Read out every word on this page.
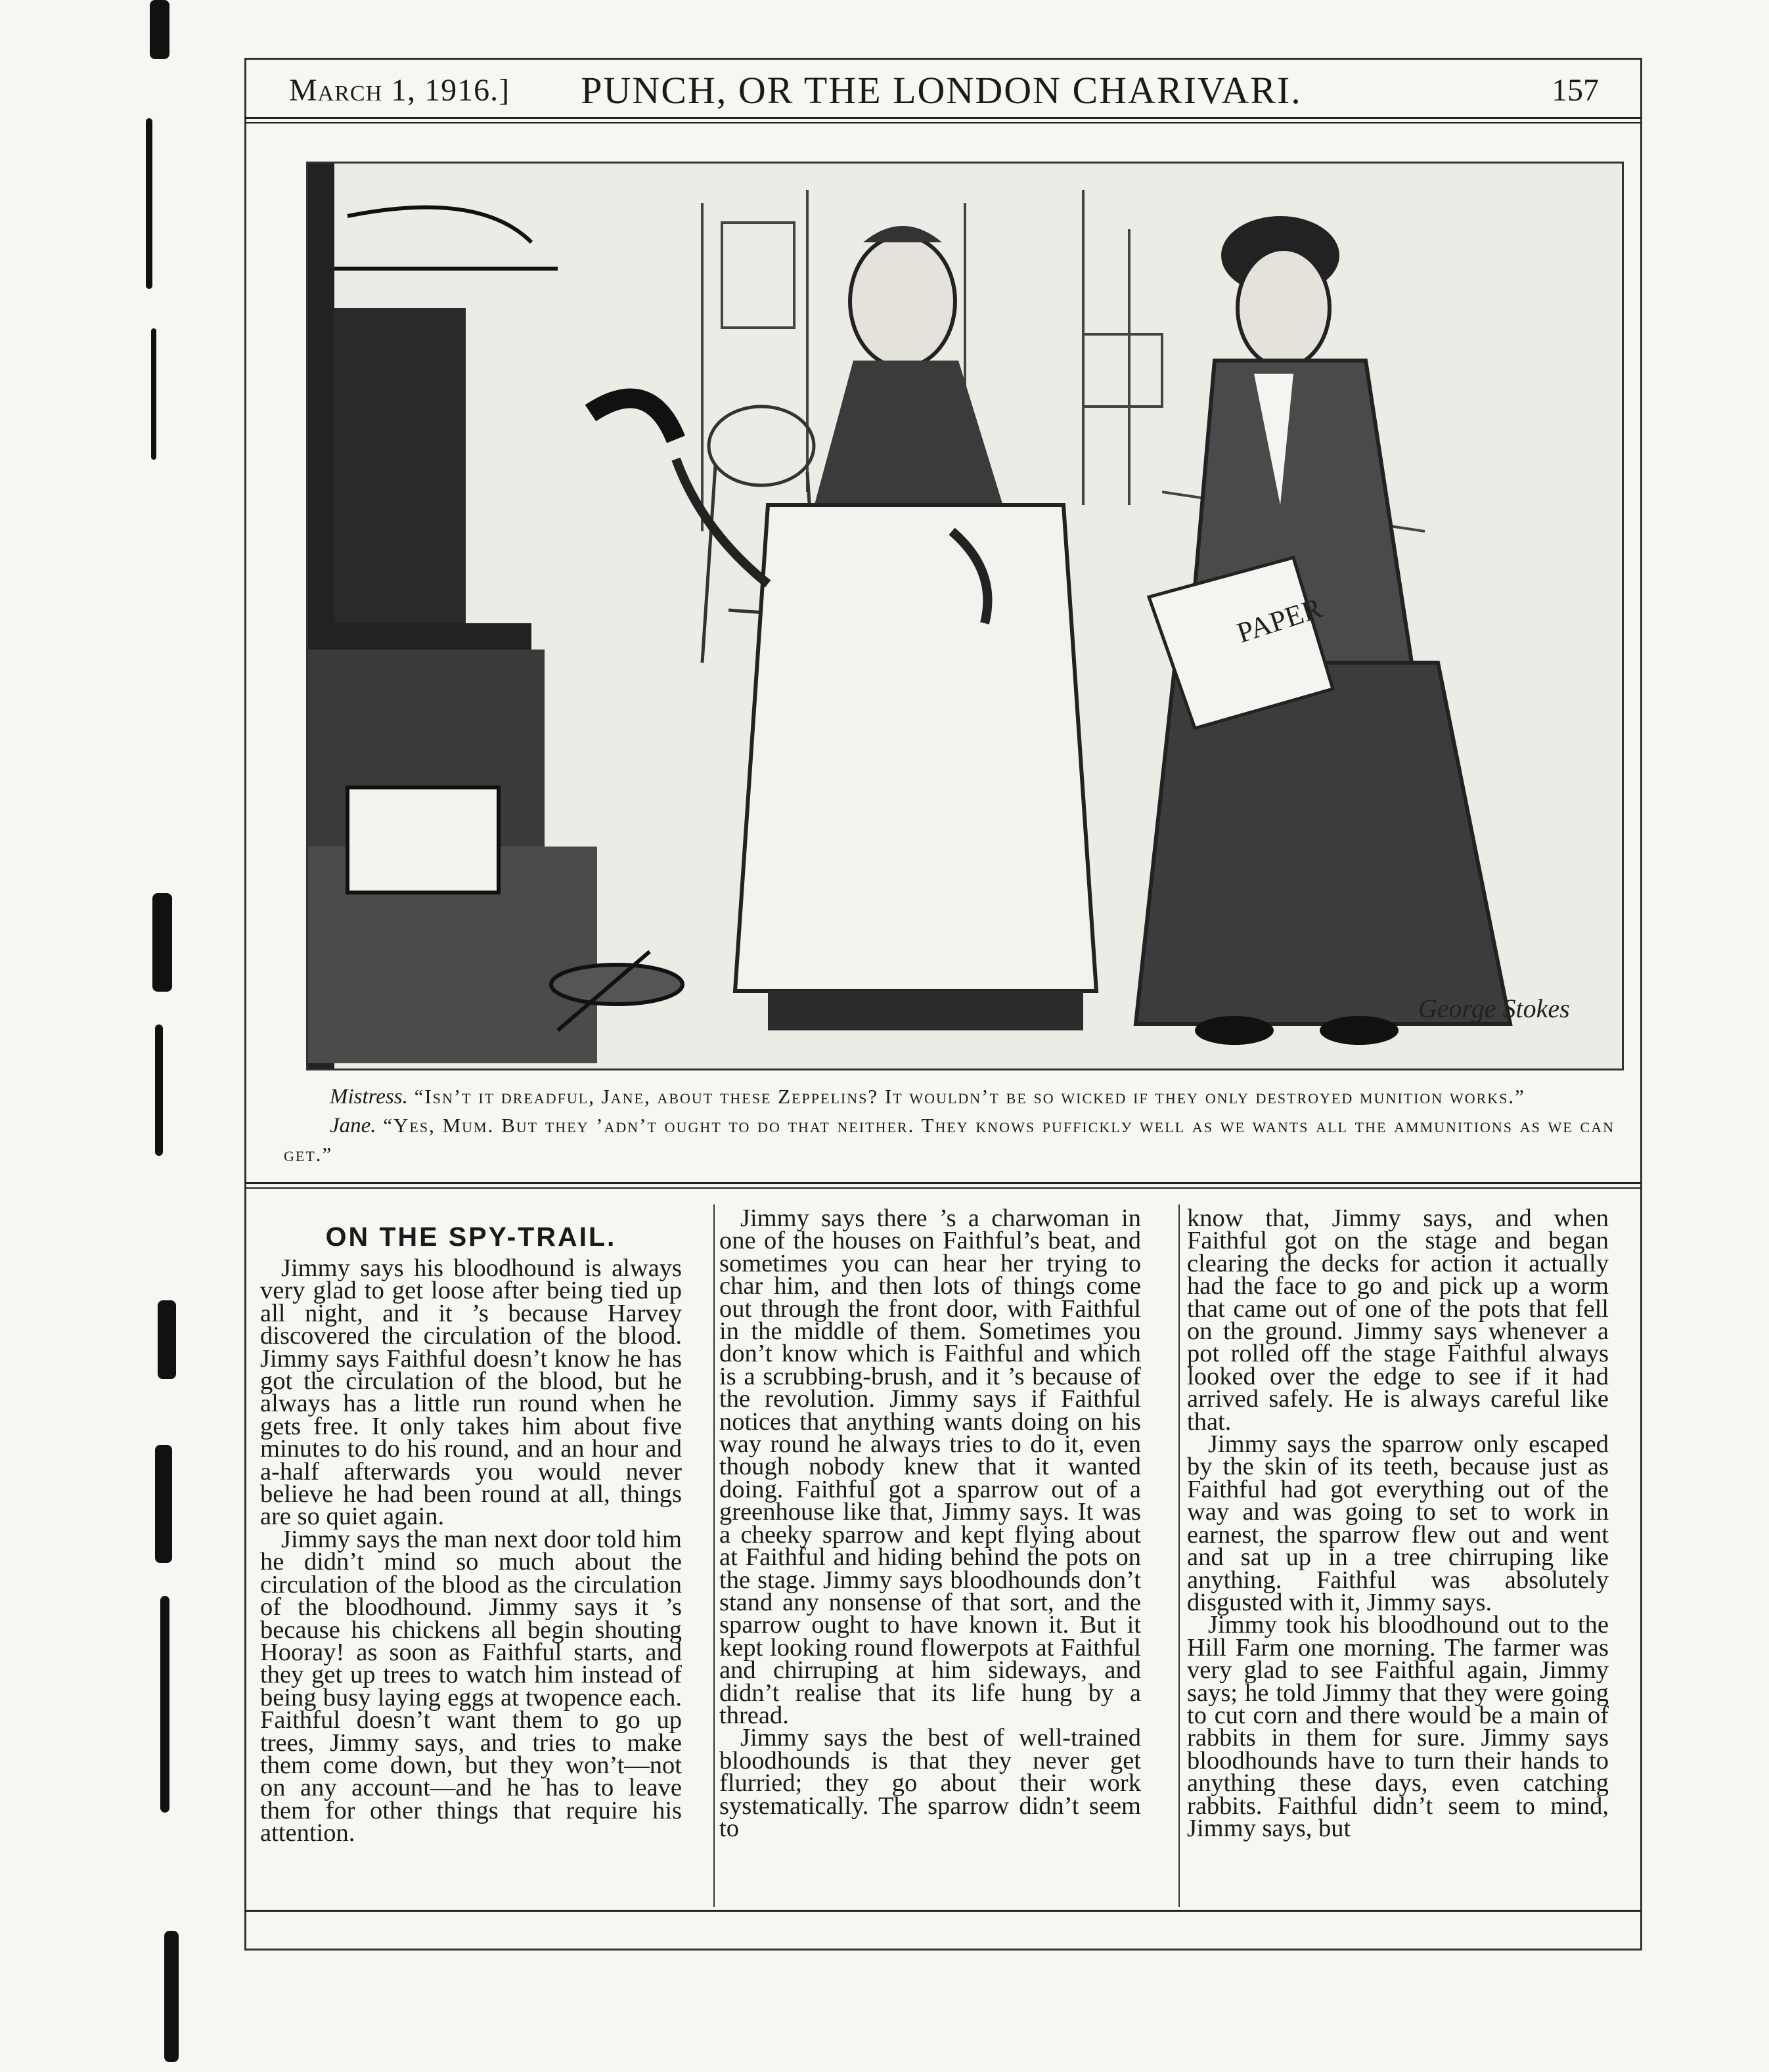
March 1, 1916.]	PUNCH, OR THE LONDON CHARIVARI.	157
PAPER
George Stokes

Mistress. “Isn’t it dreadful, Jane, about these Zeppelins? It wouldn’t be so wicked if they only destroyed munition works.”

Jane. “Yes, Mum. But they ’adn’t ought to do that neither. They knows pufficklу well as we wants all the ammunitions as we can get.”

ON THE SPY-TRAIL.

Jimmy says his bloodhound is always very glad to get loose after being tied up all night, and it ’s because Harvey discovered the circulation of the blood. Jimmy says Faithful doesn’t know he has got the circulation of the blood, but he always has a little run round when he gets free. It only takes him about five minutes to do his round, and an hour and a-half afterwards you would never believe he had been round at all, things are so quiet again.

Jimmy says the man next door told him he didn’t mind so much about the circulation of the blood as the circulation of the bloodhound. Jimmy says it ’s because his chickens all begin shouting Hooray! as soon as Faithful starts, and they get up trees to watch him instead of being busy laying eggs at twopence each. Faithful doesn’t want them to go up trees, Jimmy says, and tries to make them come down, but they won’t—not on any account—and he has to leave them for other things that require his attention.

Jimmy says there ’s a charwoman in one of the houses on Faithful’s beat, and sometimes you can hear her trying to char him, and then lots of things come out through the front door, with Faithful in the middle of them. Sometimes you don’t know which is Faithful and which is a scrubbing-brush, and it ’s because of the revolution. Jimmy says if Faithful notices that anything wants doing on his way round he always tries to do it, even though nobody knew that it wanted doing. Faithful got a sparrow out of a greenhouse like that, Jimmy says. It was a cheeky sparrow and kept flying about at Faithful and hiding behind the pots on the stage. Jimmy says bloodhounds don’t stand any nonsense of that sort, and the sparrow ought to have known it. But it kept looking round flowerpots at Faithful and chirruping at him sideways, and didn’t realise that its life hung by a thread.

Jimmy says the best of well-trained bloodhounds is that they never get flurried; they go about their work systematically. The sparrow didn’t seem to

know that, Jimmy says, and when Faithful got on the stage and began clearing the decks for action it actually had the face to go and pick up a worm that came out of one of the pots that fell on the ground. Jimmy says whenever a pot rolled off the stage Faithful always looked over the edge to see if it had arrived safely. He is always careful like that.

Jimmy says the sparrow only escaped by the skin of its teeth, because just as Faithful had got everything out of the way and was going to set to work in earnest, the sparrow flew out and went and sat up in a tree chirruping like anything. Faithful was absolutely disgusted with it, Jimmy says.

Jimmy took his bloodhound out to the Hill Farm one morning. The farmer was very glad to see Faithful again, Jimmy says; he told Jimmy that they were going to cut corn and there would be a main of rabbits in them for sure. Jimmy says bloodhounds have to turn their hands to anything these days, even catching rabbits. Faithful didn’t seem to mind, Jimmy says, but
